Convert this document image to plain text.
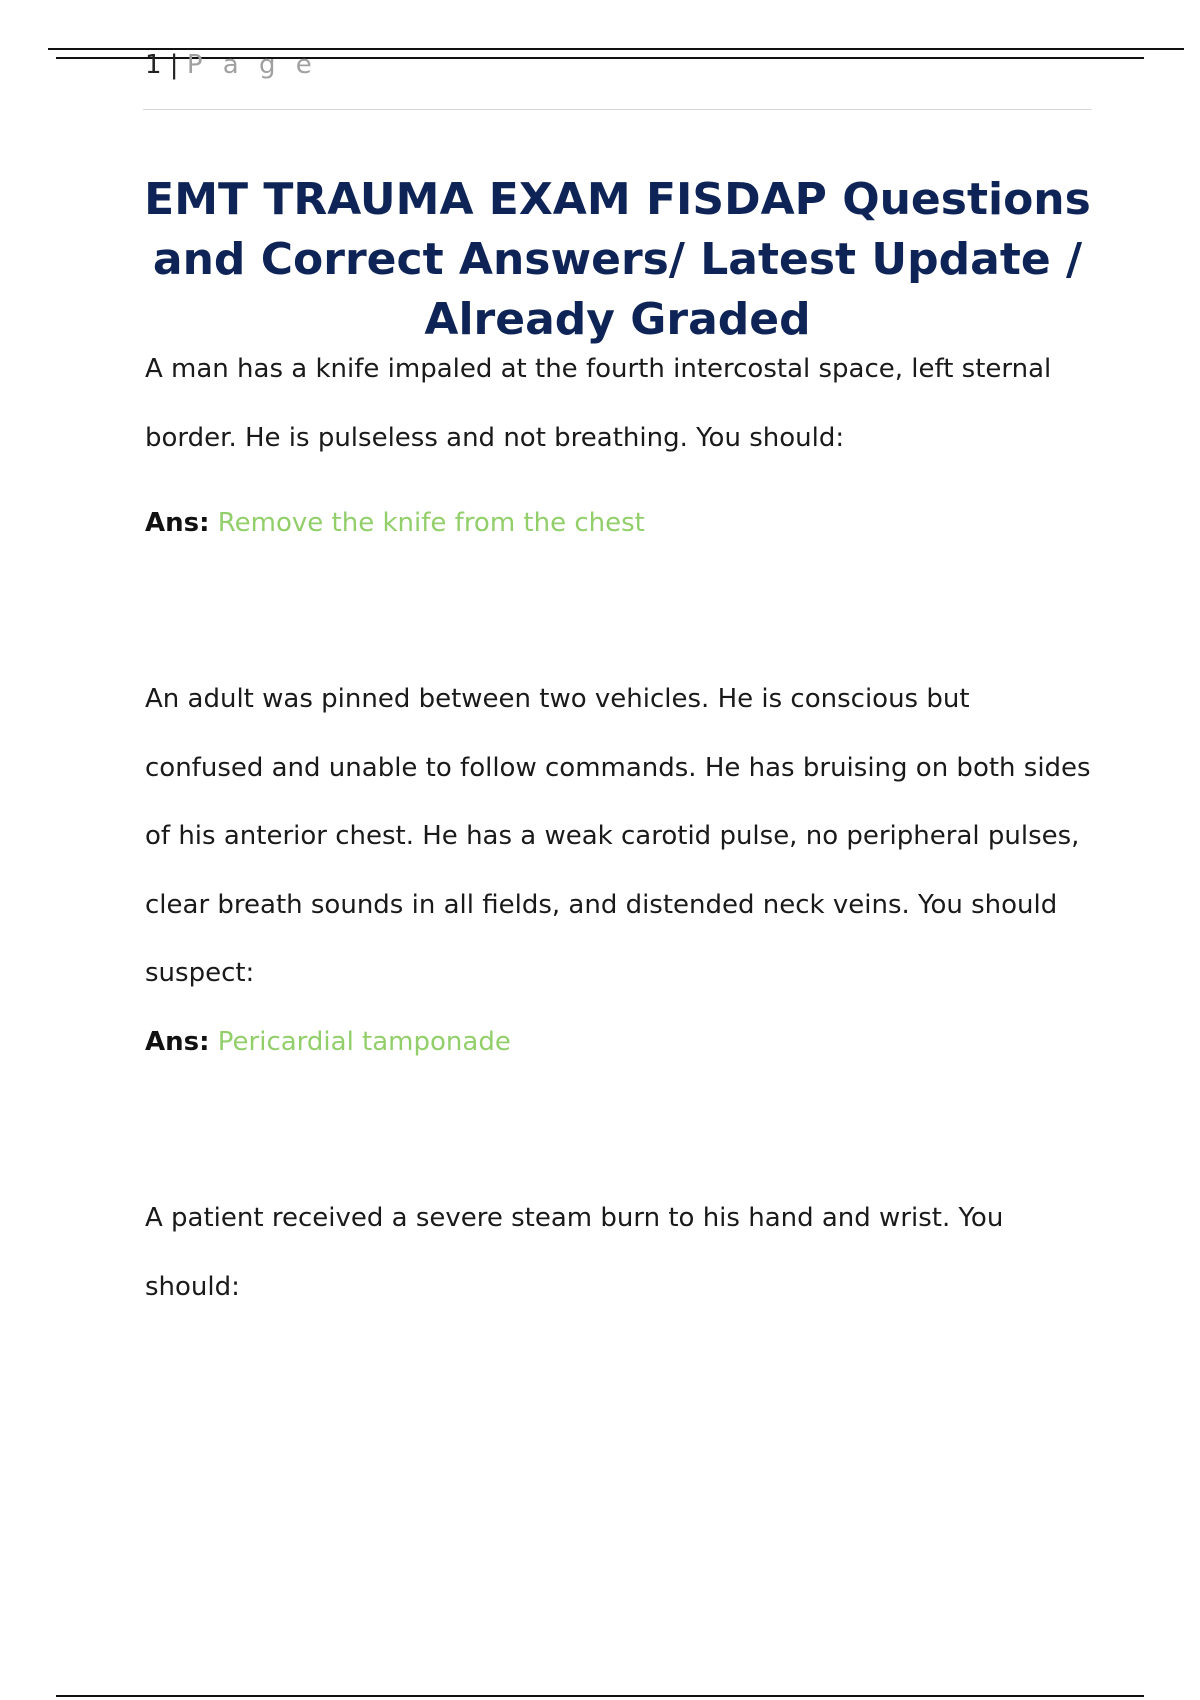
1 | P a g e
EMT TRAUMA EXAM FISDAP Questions and Correct Answers/ Latest Update / Already Graded

A man has a knife impaled at the fourth intercostal space, left sternal border. He is pulseless and not breathing. You should:

Ans: Remove the knife from the chest

An adult was pinned between two vehicles. He is conscious but confused and unable to follow commands. He has bruising on both sides of his anterior chest. He has a weak carotid pulse, no peripheral pulses, clear breath sounds in all fields, and distended neck veins. You should suspect:

Ans: Pericardial tamponade

A patient received a severe steam burn to his hand and wrist. You should:
